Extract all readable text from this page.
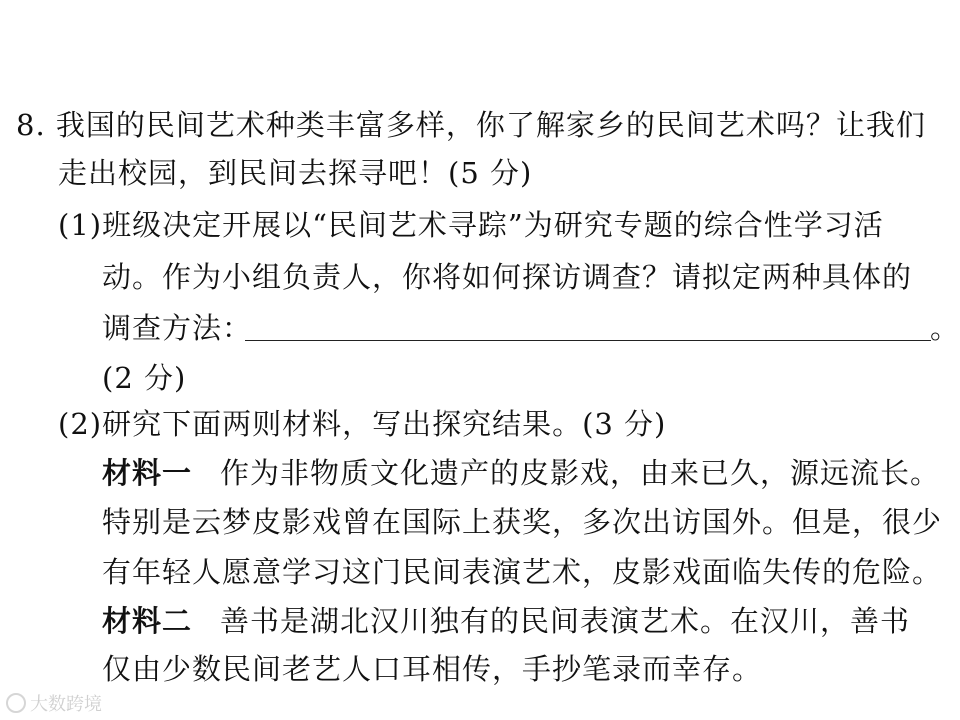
8. 我国的民间艺术种类丰富多样，你了解家乡的民间艺术吗？让我们
走出校园，到民间去探寻吧！(5 分)
(1)班级决定开展以“民间艺术寻踪”为研究专题的综合性学习活
动。作为小组负责人，你将如何探访调查？请拟定两种具体的
调查方法：	。
(2 分)
(2)研究下面两则材料，写出探究结果。(3 分)
材料一 作为非物质文化遗产的皮影戏，由来已久，源远流长。
特别是云梦皮影戏曾在国际上获奖，多次出访国外。但是，很少
有年轻人愿意学习这门民间表演艺术，皮影戏面临失传的危险。
材料二 善书是湖北汉川独有的民间表演艺术。在汉川，善书
仅由少数民间老艺人口耳相传，手抄笔录而幸存。
大数跨境
